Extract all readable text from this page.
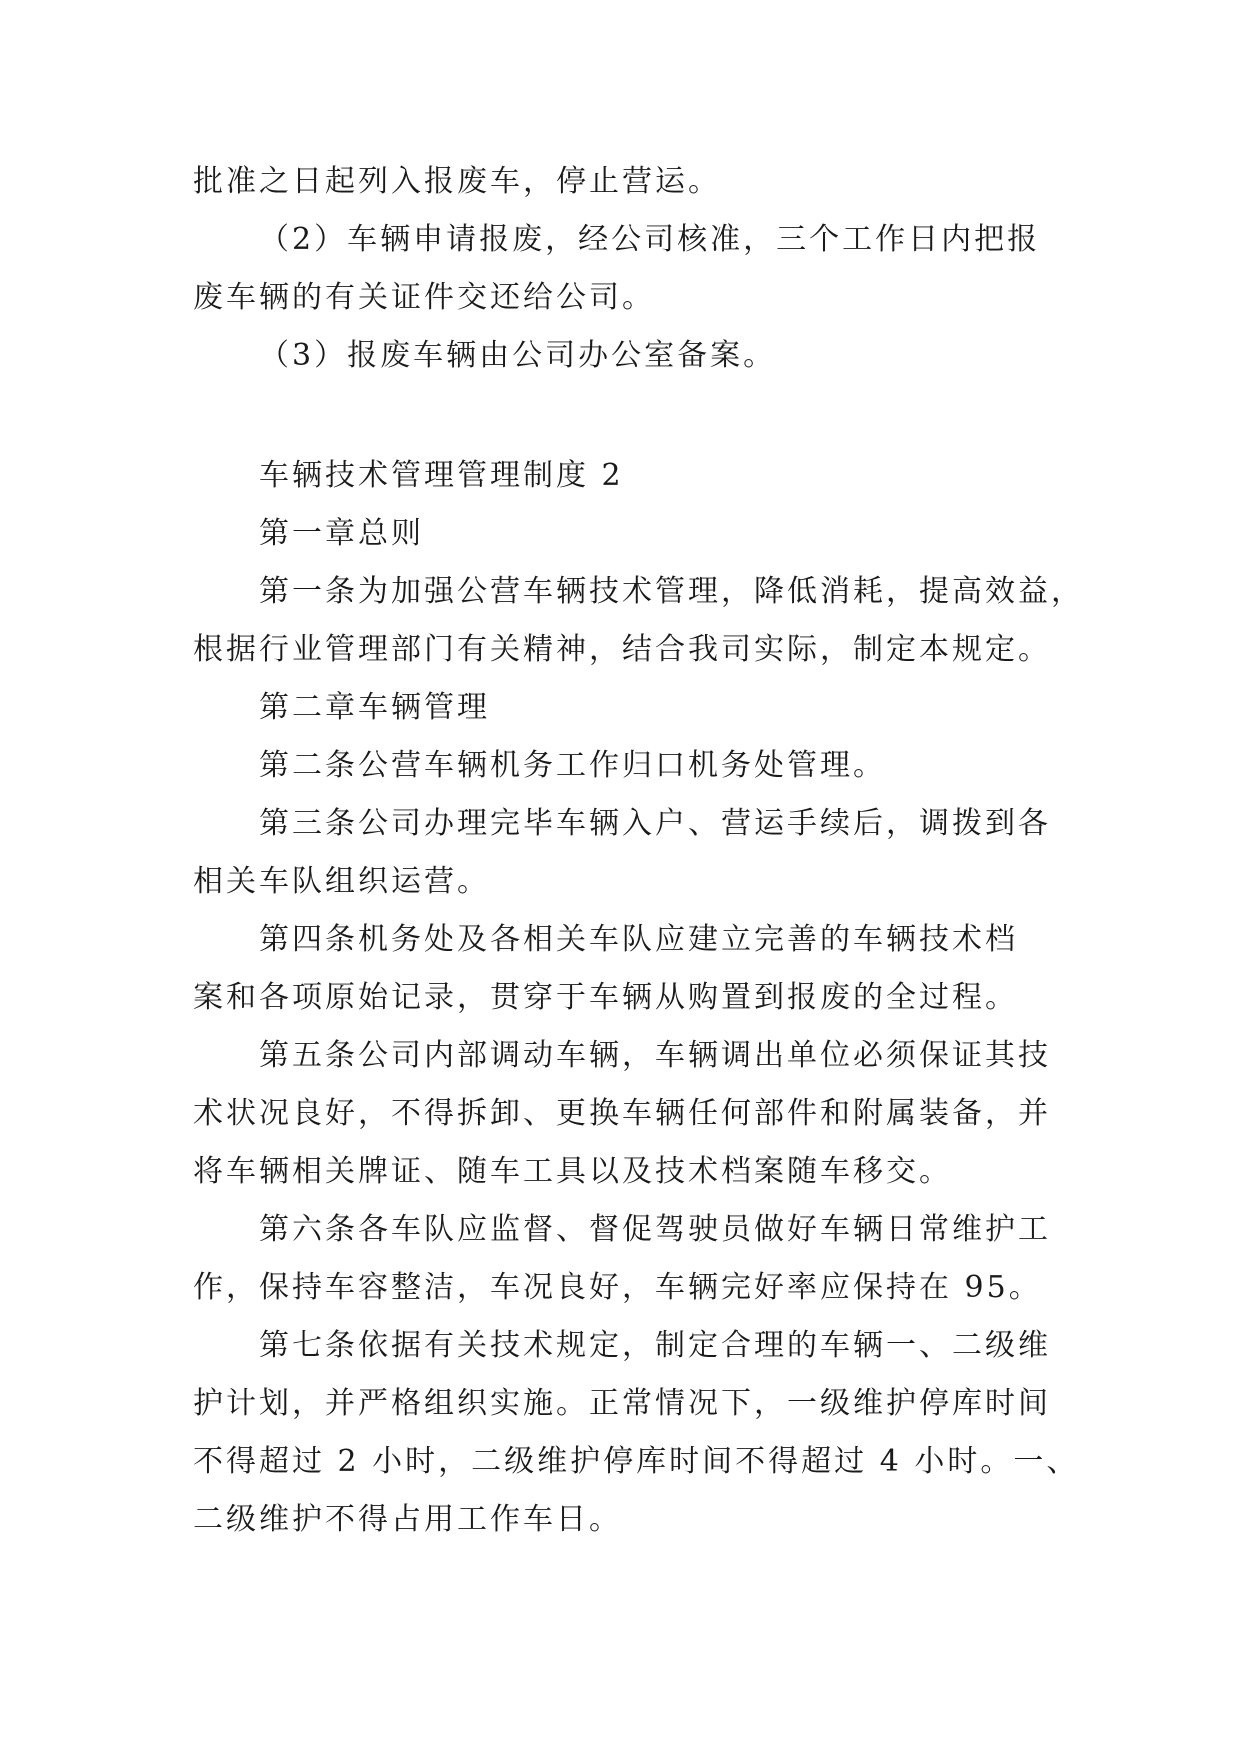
批准之日起列入报废车，停止营运。

（2）车辆申请报废，经公司核准，三个工作日内把报

废车辆的有关证件交还给公司。

（3）报废车辆由公司办公室备案。

车辆技术管理管理制度 2

第一章总则

第一条为加强公营车辆技术管理，降低消耗，提高效益，

根据行业管理部门有关精神，结合我司实际，制定本规定。

第二章车辆管理

第二条公营车辆机务工作归口机务处管理。

第三条公司办理完毕车辆入户、营运手续后，调拨到各

相关车队组织运营。

第四条机务处及各相关车队应建立完善的车辆技术档

案和各项原始记录，贯穿于车辆从购置到报废的全过程。

第五条公司内部调动车辆，车辆调出单位必须保证其技

术状况良好，不得拆卸、更换车辆任何部件和附属装备，并

将车辆相关牌证、随车工具以及技术档案随车移交。

第六条各车队应监督、督促驾驶员做好车辆日常维护工

作，保持车容整洁，车况良好，车辆完好率应保持在 95。

第七条依据有关技术规定，制定合理的车辆一、二级维

护计划，并严格组织实施。正常情况下，一级维护停库时间

不得超过 2 小时，二级维护停库时间不得超过 4 小时。一、

二级维护不得占用工作车日。
